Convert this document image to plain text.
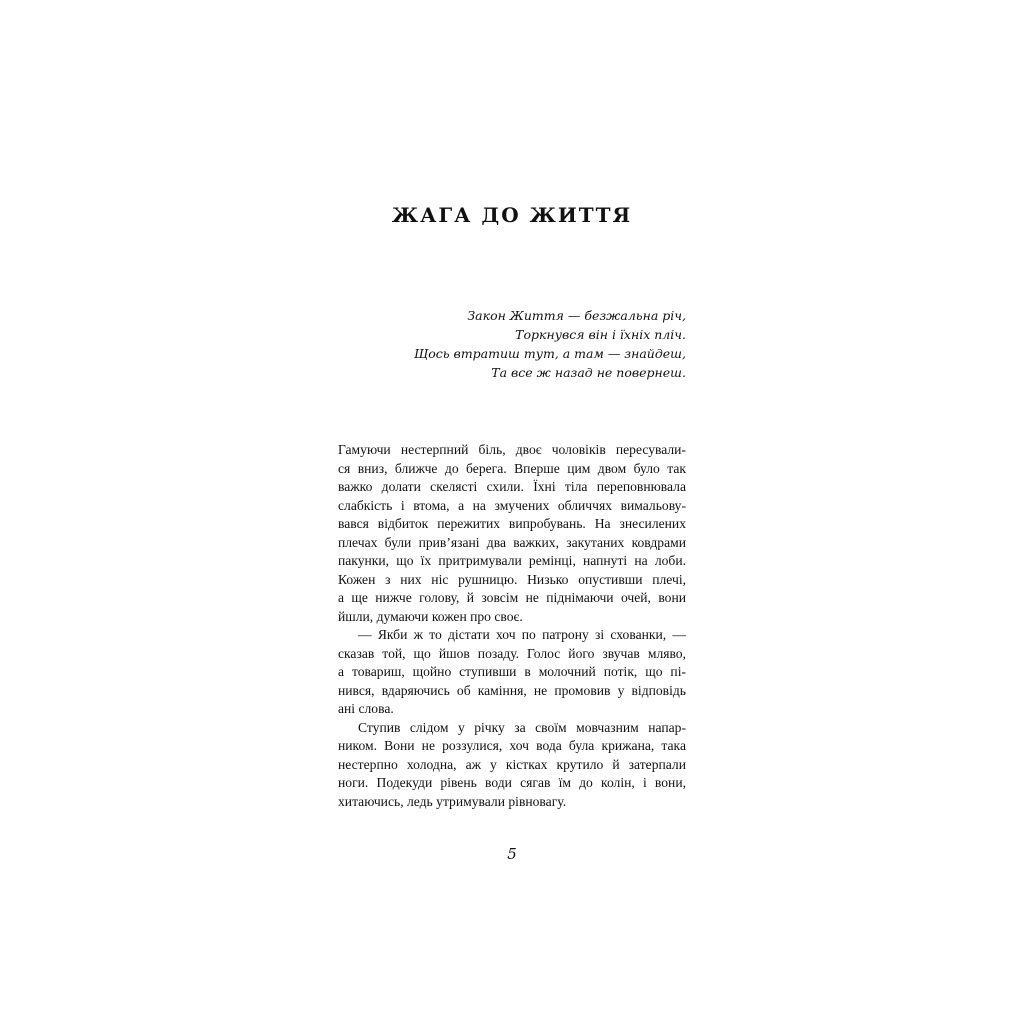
ЖАГА ДО ЖИТТЯ
Закон Життя — безжальна річ,
Торкнувся він і їхніх пліч.
Щось втратиш тут, а там — знайдеш,
Та все ж назад не повернеш.
Гамуючи нестерпний біль, двоє чоловіків пересували-
ся вниз, ближче до берега. Вперше цим двом було так
важко долати скелясті схили. Їхні тіла переповнювала
слабкість і втома, а на змучених обличчях вимальову-
вався відбиток пережитих випробувань. На знесилених
плечах були прив’язані два важких, закутаних ковдрами
пакунки, що їх притримували ремінці, напнуті на лоби.
Кожен з них ніс рушницю. Низько опустивши плечі,
а ще нижче голову, й зовсім не піднімаючи очей, вони
йшли, думаючи кожен про своє.
— Якби ж то дістати хоч по патрону зі схованки, —
сказав той, що йшов позаду. Голос його звучав мляво,
а товариш, щойно ступивши в молочний потік, що пі-
нився, вдаряючись об каміння, не промовив у відповідь
ані слова.
Ступив слідом у річку за своїм мовчазним напар-
ником. Вони не роззулися, хоч вода була крижана, така
нестерпно холодна, аж у кістках крутило й затерпали
ноги. Подекуди рівень води сягав їм до колін, і вони,
хитаючись, ледь утримували рівновагу.
5
